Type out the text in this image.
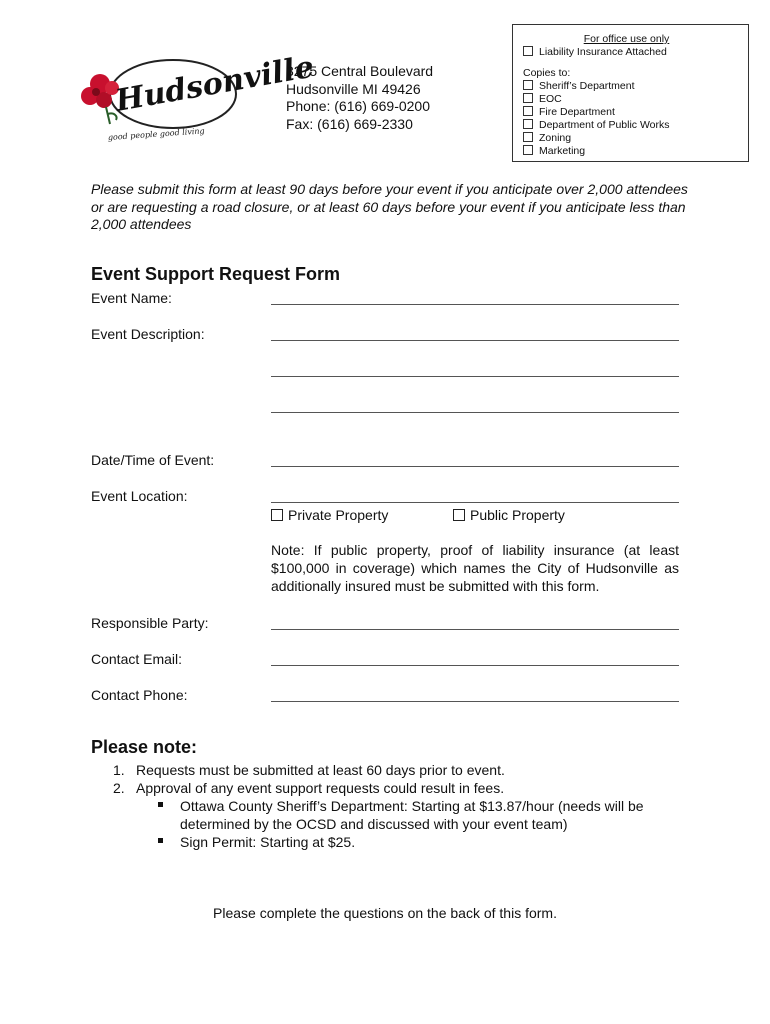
Hudsonville
good people good living
3275 Central Boulevard
Hudsonville MI 49426
Phone: (616) 669-0200
Fax: (616) 669-2330
For office use only
Liability Insurance Attached
Copies to:
Sheriff’s Department
EOC
Fire Department
Department of Public Works
Zoning
Marketing
Please submit this form at least 90 days before your event if you anticipate over 2,000 attendees or are requesting a road closure, or at least 60 days before your event if you anticipate less than 2,000 attendees
Event Support Request Form
Event Name:
Event Description:
Date/Time of Event:
Event Location:
Private Property	Public Property
Note: If public property, proof of liability insurance (at least $100,000 in coverage) which names the City of Hudsonville as additionally insured must be submitted with this form.
Responsible Party:
Contact Email:
Contact Phone:
Please note:
1. Requests must be submitted at least 60 days prior to event.
2. Approval of any event support requests could result in fees.
Ottawa County Sheriff’s Department: Starting at $13.87/hour (needs will be determined by the OCSD and discussed with your event team)
Sign Permit: Starting at $25.
Please complete the questions on the back of this form.
